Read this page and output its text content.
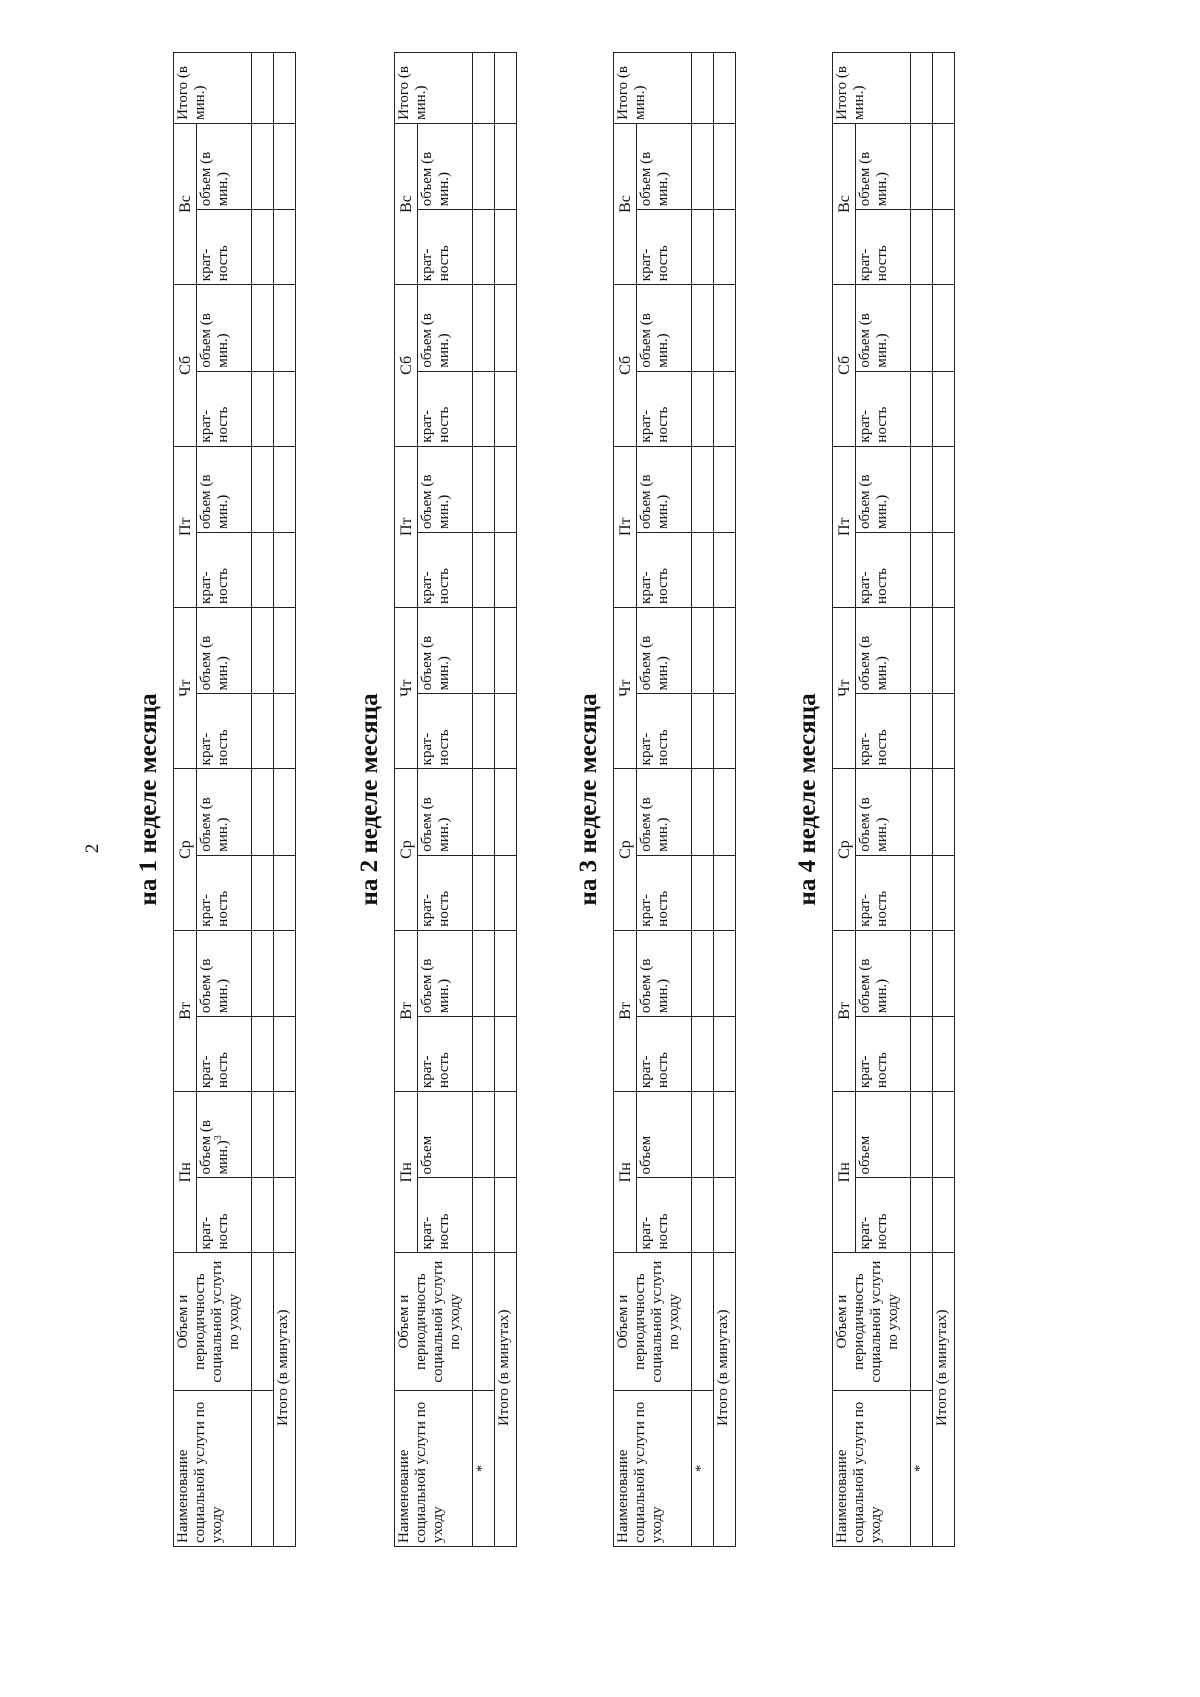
2 на 1 неделе месяца
Наименование социальной услуги по уходу	Объем и периодичность социальной услуги по уходу	Пн		Вт		Ср		Чт		Пт		Сб		Вс		Итого (в мин.)
		крат-ность	объем (в мин.)$^3$	крат-ность	объем (в мин.)	крат-ность	объем (в мин.)	крат-ность	объем (в мин.)	крат-ность	объем (в мин.)	крат-ность	объем (в мин.)	крат-ность	объем (в мин.)	

Итого (в минутах)																
на 2 неделе месяца
Наименование социальной услуги по уходу	Объем и периодичность социальной услуги по уходу	Пн		Вт		Ср		Чт		Пт		Сб		Вс		Итого (в мин.)
		крат-ность	объем	крат-ность	объем (в мин.)	крат-ность	объем (в мин.)	крат-ность	объем (в мин.)	крат-ность	объем (в мин.)	крат-ность	объем (в мин.)	крат-ность	объем (в мин.)	
*																
Итого (в минутах)																
на 3 неделе месяца
Наименование социальной услуги по уходу	Объем и периодичность социальной услуги по уходу	Пн		Вт		Ср		Чт		Пт		Сб		Вс		Итого (в мин.)
		крат-ность	объем	крат-ность	объем (в мин.)	крат-ность	объем (в мин.)	крат-ность	объем (в мин.)	крат-ность	объем (в мин.)	крат-ность	объем (в мин.)	крат-ность	объем (в мин.)	
*																
Итого (в минутах)																
на 4 неделе месяца
Наименование социальной услуги по уходу	Объем и периодичность социальной услуги по уходу	Пн		Вт		Ср		Чт		Пт		Сб		Вс		Итого (в мин.)
		крат-ность	объем	крат-ность	объем (в мин.)	крат-ность	объем (в мин.)	крат-ность	объем (в мин.)	крат-ность	объем (в мин.)	крат-ность	объем (в мин.)	крат-ность	объем (в мин.)	
*																
Итого (в минутах)																
